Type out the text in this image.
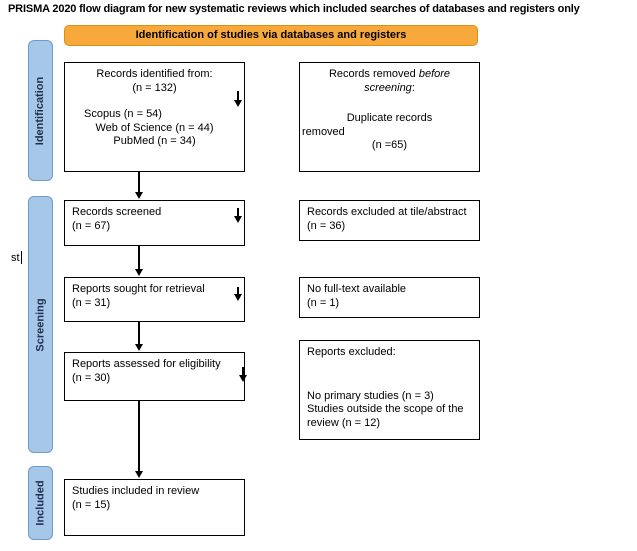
PRISMA 2020 flow diagram for new systematic reviews which included searches of databases and registers only
Identification of studies via databases and registers
Identification
Screening
Included
st
Records identified from:
(n = 132)
Scopus (n = 54)
Web of Science (n = 44)
PubMed (n = 34)
Records screened
(n = 67)
Reports sought for retrieval
(n = 31)
Reports assessed for eligibility
(n = 30)
Studies included in review
(n = 15)
Records removed before screening:
Duplicate records
removed
(n =65)
Records excluded at tile/abstract
(n = 36)
No full-text available
(n = 1)
Reports excluded:
No primary studies (n = 3)
Studies outside the scope of the review (n = 12)
